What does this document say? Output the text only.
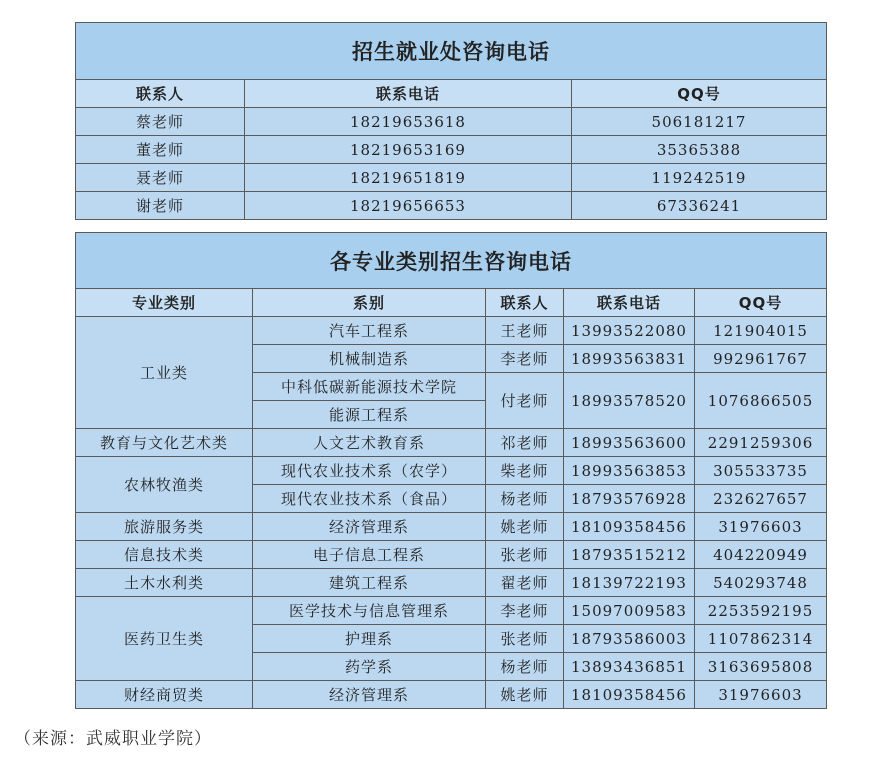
招生就业处咨询电话		
联系人	联系电话	QQ号
蔡老师	18219653618	506181217
董老师	18219653169	35365388
聂老师	18219651819	119242519
谢老师	18219656653	67336241
各专业类别招生咨询电话				
专业类别	系别	联系人	联系电话	QQ号
工业类	汽车工程系	王老师	13993522080	121904015
	机械制造系	李老师	18993563831	992961767
	中科低碳新能源技术学院	付老师	18993578520	1076866505
	能源工程系			
教育与文化艺术类	人文艺术教育系	祁老师	18993563600	2291259306
农林牧渔类	现代农业技术系（农学）	柴老师	18993563853	305533735
	现代农业技术系（食品）	杨老师	18793576928	232627657
旅游服务类	经济管理系	姚老师	18109358456	31976603
信息技术类	电子信息工程系	张老师	18793515212	404220949
土木水利类	建筑工程系	翟老师	18139722193	540293748
医药卫生类	医学技术与信息管理系	李老师	15097009583	2253592195
	护理系	张老师	18793586003	1107862314
	药学系	杨老师	13893436851	3163695808
财经商贸类	经济管理系	姚老师	18109358456	31976603
（来源：武威职业学院）
